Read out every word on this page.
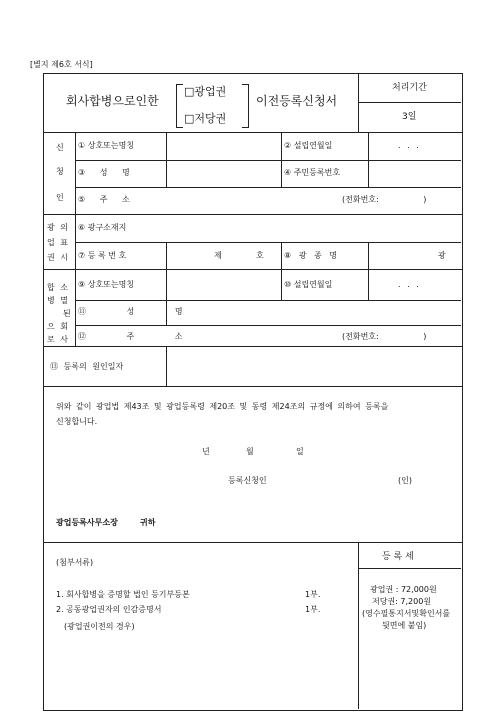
[별지 제6호 서식]
회사합병으로인한
□광업권
□저당권
이전등록신청서
처리기간
3일
신
청
인
① 상호또는명칭	② 설립연월일	. . .
③ 성 명	④ 주민등록번호
⑤ 주 소	(전화번호: )
광 의
업 표
권 시
⑥ 광구소재지
⑦ 등 록 번 호	제	호	⑧ 광 종 명	광
합 소
병 멸
된
으 회
로 사
⑨ 상호또는명칭	⑩ 설립연월일	. . .
⑪ 성 명
⑫ 주 소	(전화번호: )
⑬ 등록의 원인일자
위와 같이 광업법 제43조 및 광업등록령 제20조 및 동령 제24조의 규정에 의하여 등록을
신청합니다.
년	월	일
등록신청인	(인)
광업등록사무소장	귀하
(첨부서류)
1. 회사합병을 증명할 법인 등기부등본	1부.
2. 공동광업권자의 인감증명서	1부.
(광업권이전의 경우)
등 록 세
광업권 : 72,000원
저당권: 7,200원
(영수필통지서및확인서를
뒷면에 붙임)
